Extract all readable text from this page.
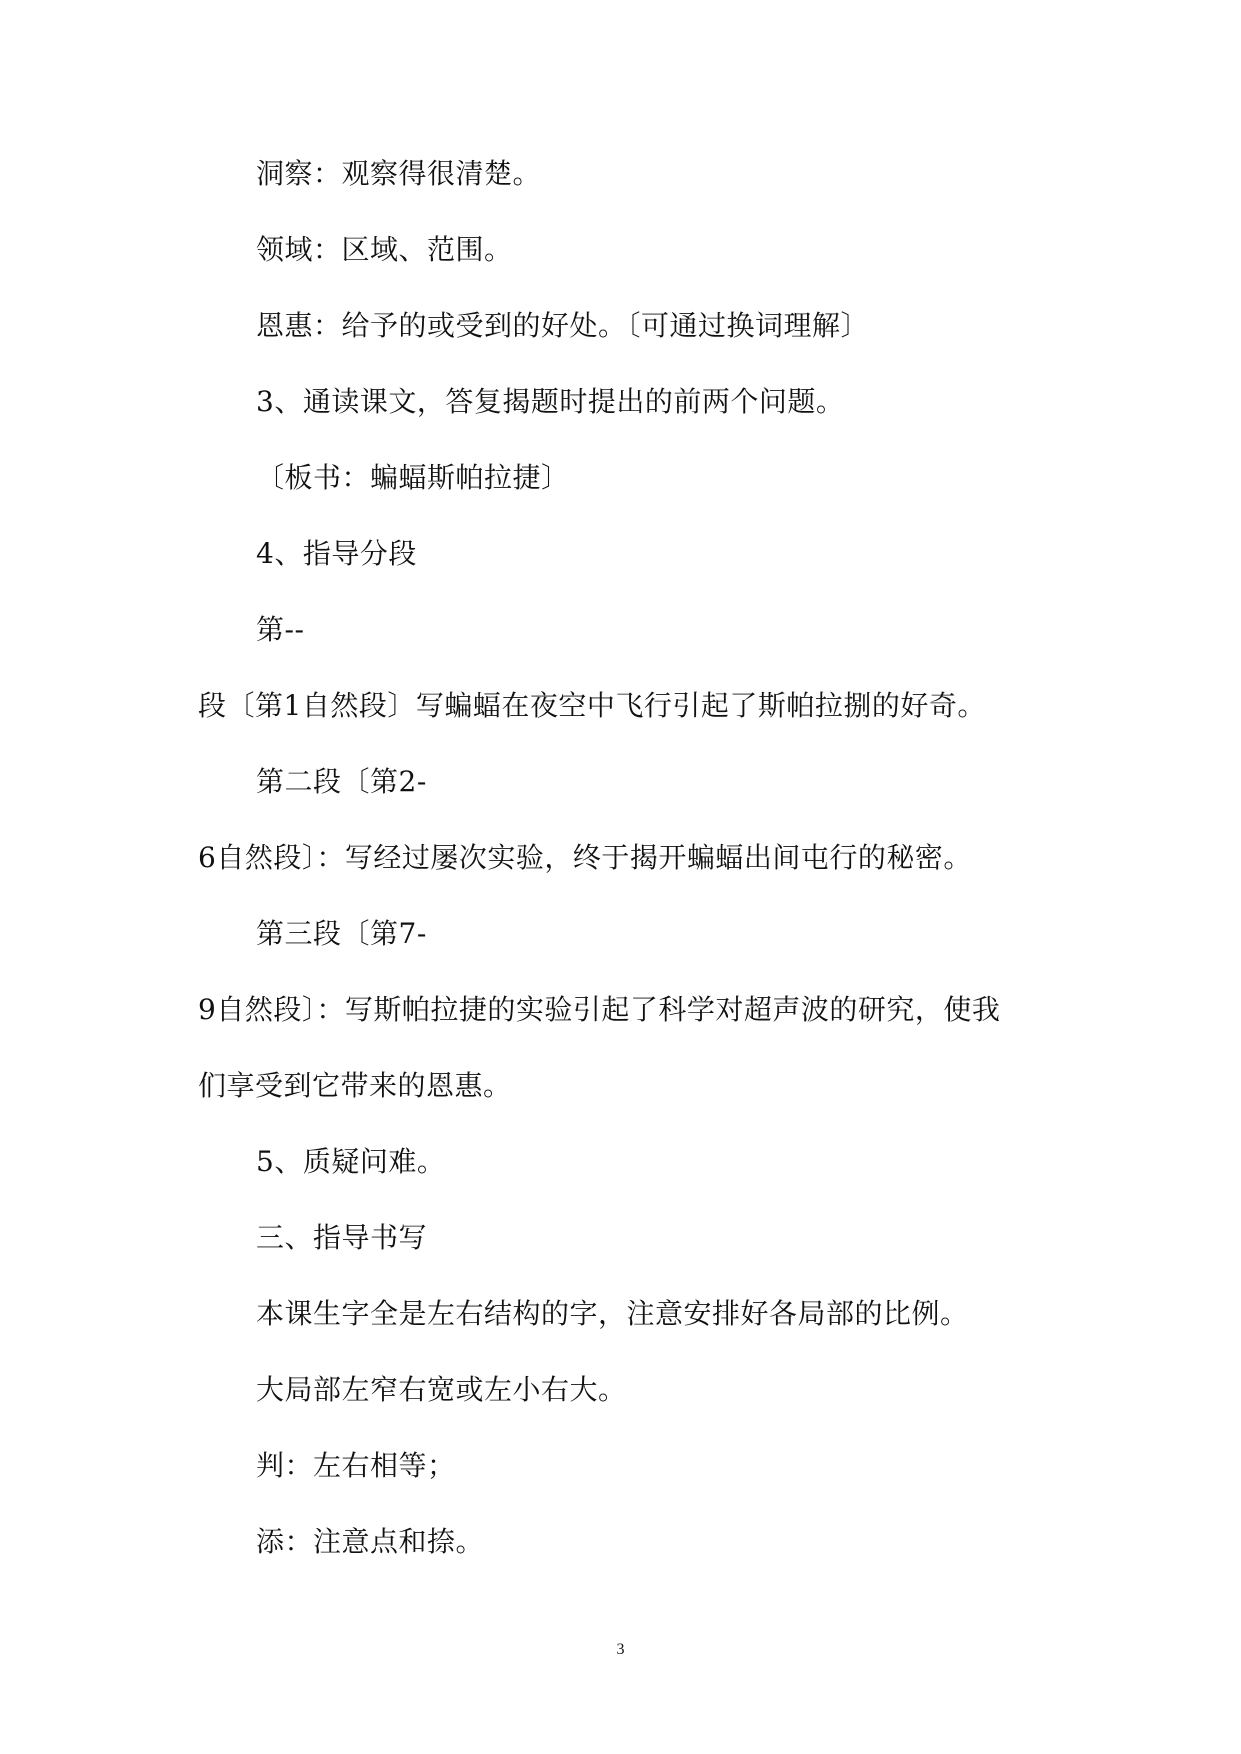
洞察：观察得很清楚。
领域：区域、范围。
恩惠：给予的或受到的好处。〔可通过换词理解〕
3、通读课文，答复揭题时提出的前两个问题。
〔板书：蝙蝠斯帕拉捷〕
4、指导分段
第--
段〔第1自然段〕写蝙蝠在夜空中飞行引起了斯帕拉捌的好奇。
第二段〔第2-
6自然段〕：写经过屡次实验，终于揭开蝙蝠出间屯行的秘密。
第三段〔第7-
9自然段〕：写斯帕拉捷的实验引起了科学对超声波的研究，使我
们享受到它带来的恩惠。
5、质疑问难。
三、指导书写
本课生字全是左右结构的字，注意安排好各局部的比例。
大局部左窄右宽或左小右大。
判：左右相等；
添：注意点和捺。
3
